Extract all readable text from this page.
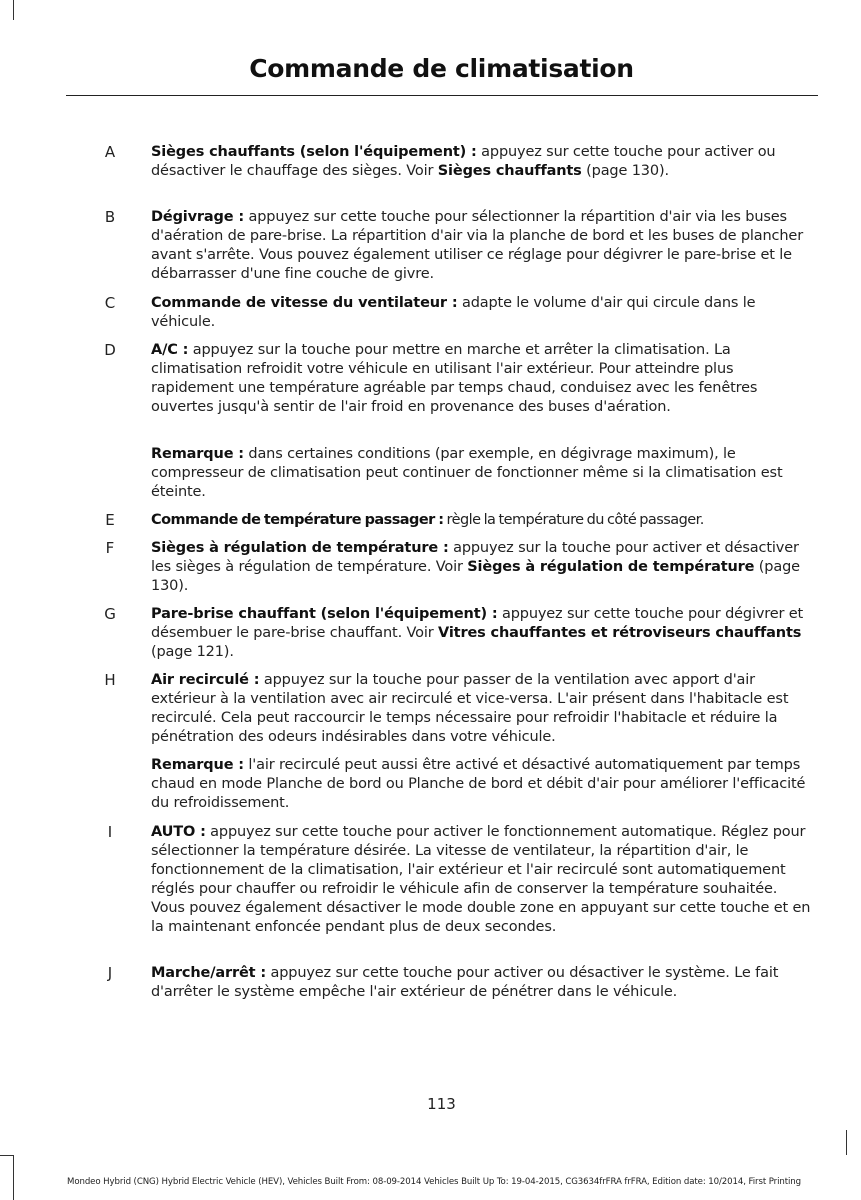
Commande de climatisation
A	Sièges chauffants (selon l'équipement) : appuyez sur cette touche pour activer ou désactiver le chauffage des sièges. Voir Sièges chauffants (page 130).
B	Dégivrage : appuyez sur cette touche pour sélectionner la répartition d'air via les buses d'aération de pare-brise. La répartition d'air via la planche de bord et les buses de plancher avant s'arrête. Vous pouvez également utiliser ce réglage pour dégivrer le pare-brise et le débarrasser d'une fine couche de givre.
C	Commande de vitesse du ventilateur : adapte le volume d'air qui circule dans le véhicule.
D A/C : appuyez sur la touche pour mettre en marche et arrêter la climatisation. La climatisation refroidit votre véhicule en utilisant l'air extérieur. Pour atteindre plus rapidement une température agréable par temps chaud, conduisez avec les fenêtres ouvertes jusqu'à sentir de l'air froid en provenance des buses d'aération.
Remarque : dans certaines conditions (par exemple, en dégivrage maximum), le compresseur de climatisation peut continuer de fonctionner même si la climatisation est éteinte.
E	Commande de température passager : règle la température du côté passager.
F	Sièges à régulation de température : appuyez sur la touche pour activer et désactiver les sièges à régulation de température. Voir Sièges à régulation de température (page 130).
G Pare-brise chauffant (selon l'équipement) : appuyez sur cette touche pour dégivrer et désembuer le pare-brise chauffant. Voir Vitres chauffantes et rétroviseurs chauffants (page 121).
H	Air recirculé : appuyez sur la touche pour passer de la ventilation avec apport d'air extérieur à la ventilation avec air recirculé et vice-versa. L'air présent dans l'habitacle est recirculé. Cela peut raccourcir le temps nécessaire pour refroidir l'habitacle et réduire la pénétration des odeurs indésirables dans votre véhicule.
Remarque : l'air recirculé peut aussi être activé et désactivé automatiquement par temps chaud en mode Planche de bord ou Planche de bord et débit d'air pour améliorer l'efficacité du refroidissement.
I	AUTO : appuyez sur cette touche pour activer le fonctionnement automatique. Réglez pour sélectionner la température désirée. La vitesse de ventilateur, la répartition d'air, le fonctionnement de la climatisation, l'air extérieur et l'air recirculé sont automatiquement réglés pour chauffer ou refroidir le véhicule afin de conserver la température souhaitée. Vous pouvez également désactiver le mode double zone en appuyant sur cette touche et en la maintenant enfoncée pendant plus de deux secondes.
J	Marche/arrêt : appuyez sur cette touche pour activer ou désactiver le système. Le fait d'arrêter le système empêche l'air extérieur de pénétrer dans le véhicule.
113
Mondeo Hybrid (CNG) Hybrid Electric Vehicle (HEV), Vehicles Built From: 08-09-2014 Vehicles Built Up To: 19-04-2015, CG3634frFRA frFRA, Edition date: 10/2014, First Printing
